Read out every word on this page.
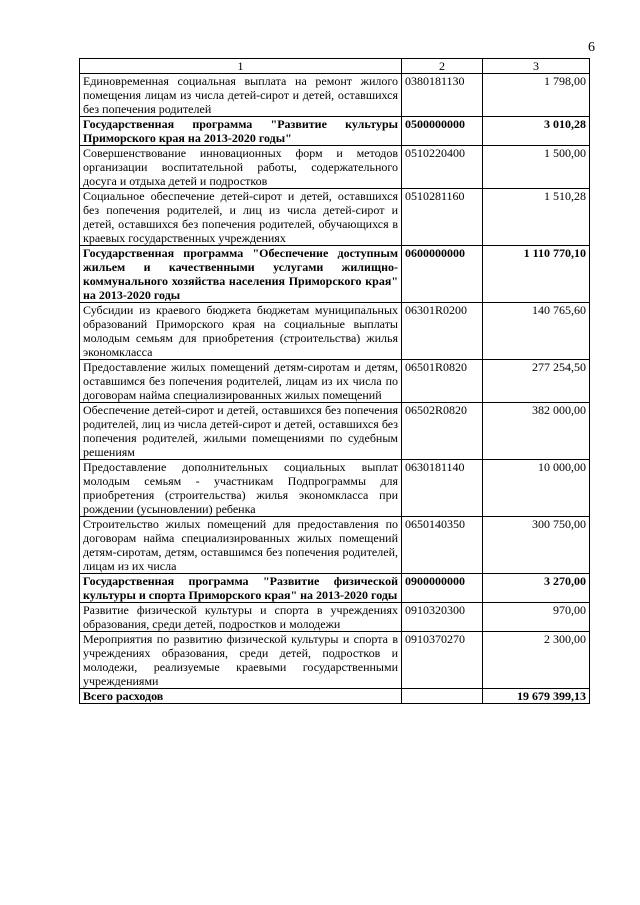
6
1	2	3
Единовременная социальная выплата на ремонт жилого помещения лицам из числа детей-сирот и детей, оставшихся без попечения родителей	0380181130	1 798,00
Государственная программа "Развитие культуры Приморского края на 2013-2020 годы"	0500000000	3 010,28
Совершенствование инновационных форм и методов организации воспитательной работы, содержательного досуга и отдыха детей и подростков	0510220400	1 500,00
Социальное обеспечение детей-сирот и детей, оставшихся без попечения родителей, и лиц из числа детей-сирот и детей, оставшихся без попечения родителей, обучающихся в краевых государственных учреждениях	0510281160	1 510,28
Государственная программа "Обеспечение доступным жильем и качественными услугами жилищно-коммунального хозяйства населения Приморского края" на 2013-2020 годы	0600000000	1 110 770,10
Субсидии из краевого бюджета бюджетам муниципальных образований Приморского края на социальные выплаты молодым семьям для приобретения (строительства) жилья экономкласса	06301R0200	140 765,60
Предоставление жилых помещений детям-сиротам и детям, оставшимся без попечения родителей, лицам из их числа по договорам найма специализированных жилых помещений	06501R0820	277 254,50
Обеспечение детей-сирот и детей, оставшихся без попечения родителей, лиц из числа детей-сирот и детей, оставшихся без попечения родителей, жилыми помещениями по судебным решениям	06502R0820	382 000,00
Предоставление дополнительных социальных выплат молодым семьям - участникам Подпрограммы для приобретения (строительства) жилья экономкласса при рождении (усыновлении) ребенка	0630181140	10 000,00
Строительство жилых помещений для предоставления по договорам найма специализированных жилых помещений детям-сиротам, детям, оставшимся без попечения родителей, лицам из их числа	0650140350	300 750,00
Государственная программа "Развитие физической культуры и спорта Приморского края" на 2013-2020 годы	0900000000	3 270,00
Развитие физической культуры и спорта в учреждениях образования, среди детей, подростков и молодежи	0910320300	970,00
Мероприятия по развитию физической культуры и спорта в учреждениях образования, среди детей, подростков и молодежи, реализуемые краевыми государственными учреждениями	0910370270	2 300,00
Всего расходов		19 679 399,13
